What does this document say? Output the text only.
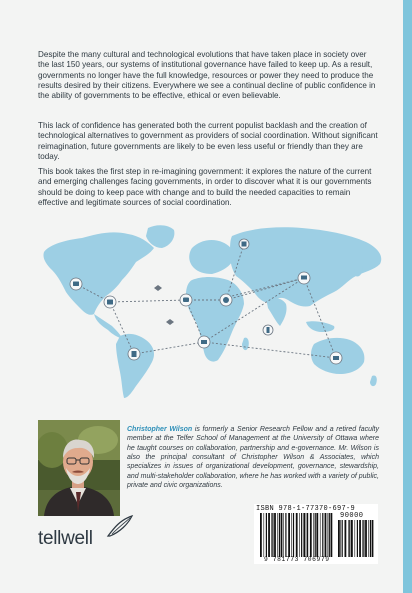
Despite the many cultural and technological evolutions that have taken place in society over the last 150 years, our systems of institutional governance have failed to keep up. As a result, governments no longer have the full knowledge, resources or power they need to produce the results desired by their citizens. Everywhere we see a continual decline of public confidence in the ability of governments to be effective, ethical or even believable.

This lack of confidence has generated both the current populist backlash and the creation of technological alternatives to government as providers of social coordination. Without significant reimagination, future governments are likely to be even less useful or friendly than they are today.

This book takes the first step in re-imagining government: it explores the nature of the current and emerging challenges facing governments, in order to discover what it is our governments should be doing to keep pace with change and to build the needed capacities to remain effective and legitimate sources of social coordination.

Christopher Wilson is formerly a Senior Research Fellow and a retired faculty member at the Telfer School of Management at the University of Ottawa where he taught courses on collaboration, partnership and e-governance. Mr. Wilson is also the principal consultant of Christopher Wilson & Associates, which specializes in issues of organizational development, governance, stewardship, and multi-stakeholder collaboration, where he has worked with a variety of public, private and civic organizations.

tellwell
ISBN 978-1-77370-697-9
90000
9 781773 706979
